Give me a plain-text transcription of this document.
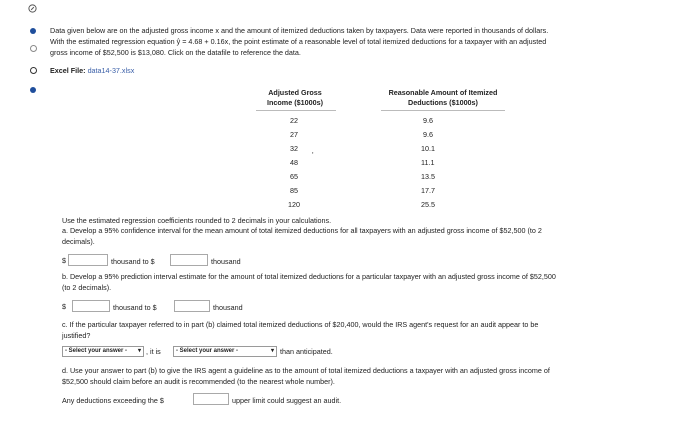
Data given below are on the adjusted gross income x and the amount of itemized deductions taken by taxpayers. Data were reported in thousands of dollars.
With the estimated regression equation ŷ = 4.68 + 0.16x, the point estimate of a reasonable level of total itemized deductions for a taxpayer with an adjusted
gross income of $52,500 is $13,080. Click on the datafile to reference the data.
Excel File: data14-37.xlsx
Adjusted Gross
Income ($1000s)
Reasonable Amount of Itemized
Deductions ($1000s)
22	9.6
27	9.6
32	10.1
48	11.1
65	13.5
85	17.7
120	25.5
'
Use the estimated regression coefficients rounded to 2 decimals in your calculations.
a. Develop a 95% confidence interval for the mean amount of total itemized deductions for all taxpayers with an adjusted gross income of $52,500 (to 2
decimals).
$	thousand to $	thousand
b. Develop a 95% prediction interval estimate for the amount of total itemized deductions for a particular taxpayer with an adjusted gross income of $52,500
(to 2 decimals).
$	thousand to $	thousand
c. If the particular taxpayer referred to in part (b) claimed total itemized deductions of $20,400, would the IRS agent's request for an audit appear to be
justified?
- Select your answer - ▾ , it is	- Select your answer -	▾ than anticipated.
d. Use your answer to part (b) to give the IRS agent a guideline as to the amount of total itemized deductions a taxpayer with an adjusted gross income of
$52,500 should claim before an audit is recommended (to the nearest whole number).
Any deductions exceeding the $	upper limit could suggest an audit.
